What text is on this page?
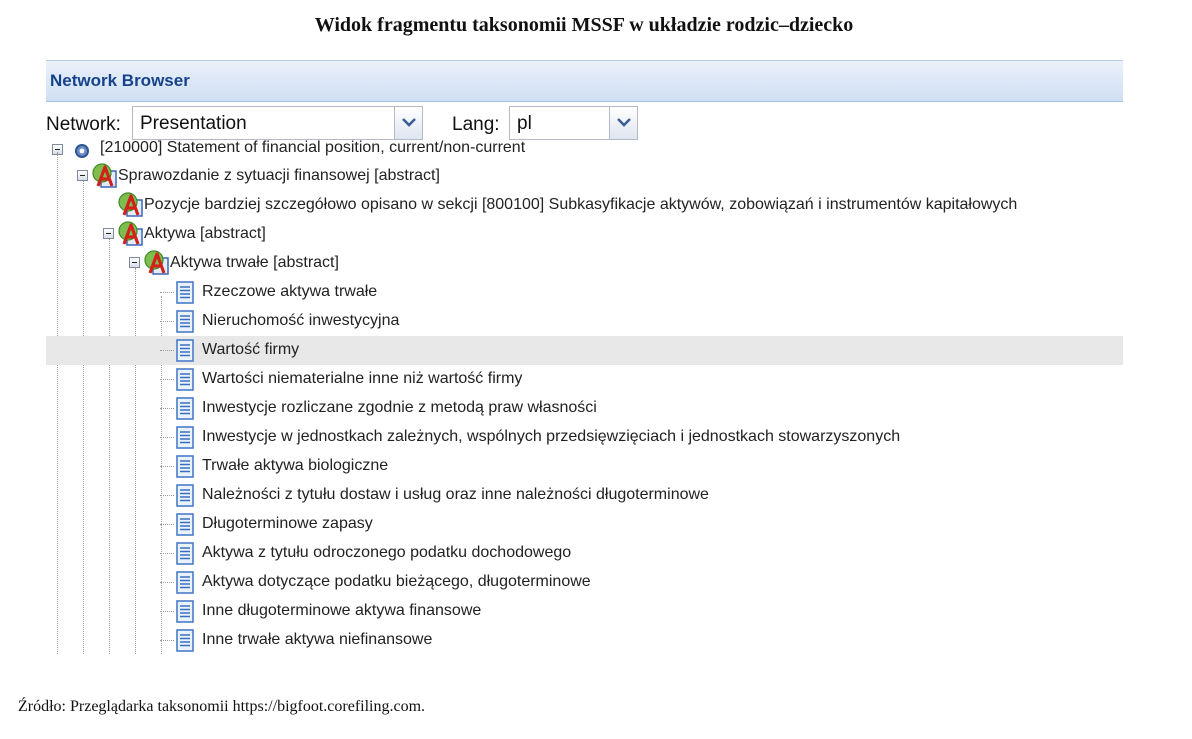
Widok fragmentu taksonomii MSSF w układzie rodzic–dziecko
Network Browser
Network: Presentation	Lang: pl
[210000] Statement of financial position, current/non-current
Sprawozdanie z sytuacji finansowej [abstract]
Pozycje bardziej szczegółowo opisano w sekcji [800100] Subkasyfikacje aktywów, zobowiązań i instrumentów kapitałowych
Aktywa [abstract]
Aktywa trwałe [abstract]
Rzeczowe aktywa trwałe
Nieruchomość inwestycyjna
Wartość firmy
Wartości niematerialne inne niż wartość firmy
Inwestycje rozliczane zgodnie z metodą praw własności
Inwestycje w jednostkach zależnych, wspólnych przedsięwzięciach i jednostkach stowarzyszonych
Trwałe aktywa biologiczne
Należności z tytułu dostaw i usług oraz inne należności długoterminowe
Długoterminowe zapasy
Aktywa z tytułu odroczonego podatku dochodowego
Aktywa dotyczące podatku bieżącego, długoterminowe
Inne długoterminowe aktywa finansowe
Inne trwałe aktywa niefinansowe
Źródło: Przeglądarka taksonomii https://bigfoot.corefiling.com.
